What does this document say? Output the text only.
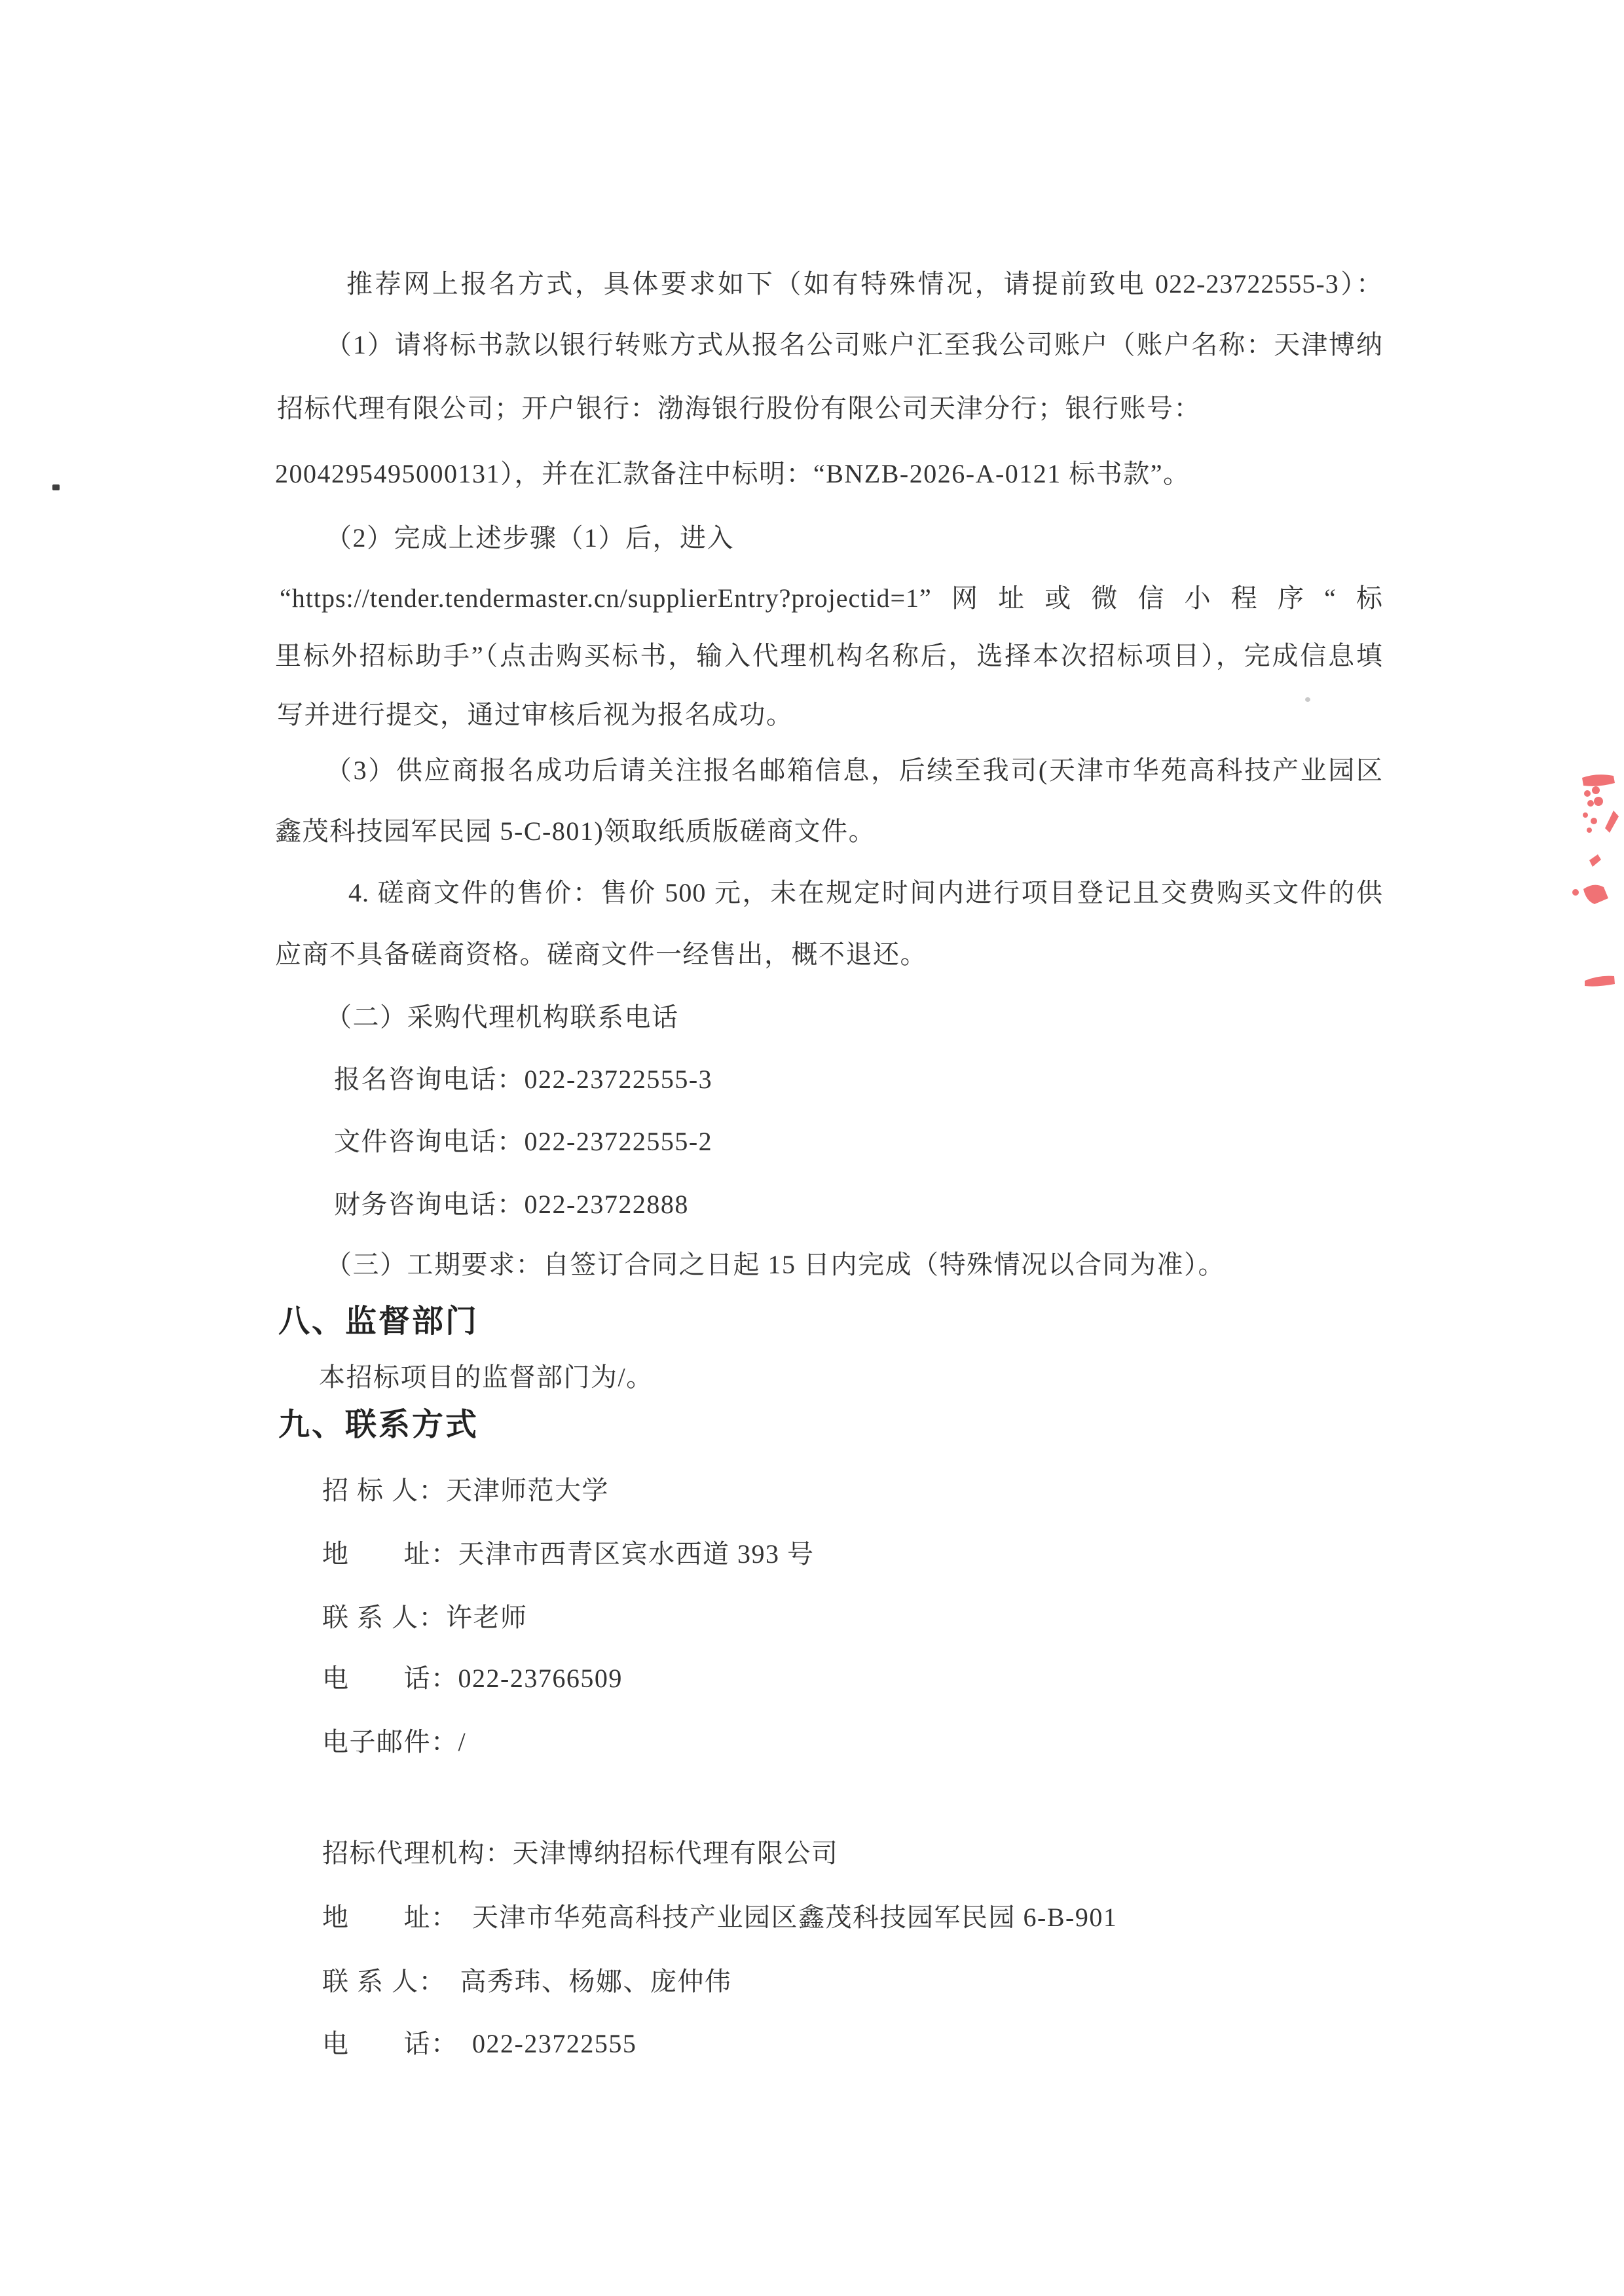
推荐网上报名方式，具体要求如下（如有特殊情况，请提前致电 022-23722555-3）：
（1）请将标书款以银行转账方式从报名公司账户汇至我公司账户（账户名称：天津博纳
招标代理有限公司；开户银行：渤海银行股份有限公司天津分行；银行账号：
2004295495000131），并在汇款备注中标明：“BNZB-2026-A-0121 标书款”。
（2）完成上述步骤（1）后，进入
“https://tender.tendermaster.cn/supplierEntry?projectid=1”网址或微信小程序“标
里标外招标助手”（点击购买标书，输入代理机构名称后，选择本次招标项目），完成信息填
写并进行提交，通过审核后视为报名成功。
（3）供应商报名成功后请关注报名邮箱信息，后续至我司(天津市华苑高科技产业园区
鑫茂科技园军民园 5-C-801)领取纸质版磋商文件。
4. 磋商文件的售价：售价 500 元，未在规定时间内进行项目登记且交费购买文件的供
应商不具备磋商资格。磋商文件一经售出，概不退还。
（二）采购代理机构联系电话
报名咨询电话：022-23722555-3
文件咨询电话：022-23722555-2
财务咨询电话：022-23722888
（三）工期要求：自签订合同之日起 15 日内完成（特殊情况以合同为准）。
八、监督部门
本招标项目的监督部门为/。
九、联系方式
招 标 人：天津师范大学
地　　址：天津市西青区宾水西道 393 号
联 系 人：许老师
电　　话：022-23766509
电子邮件：/
招标代理机构：天津博纳招标代理有限公司
地　　址：　天津市华苑高科技产业园区鑫茂科技园军民园 6-B-901
联 系 人：　高秀玮、杨娜、庞仲伟
电　　话：　022-23722555
